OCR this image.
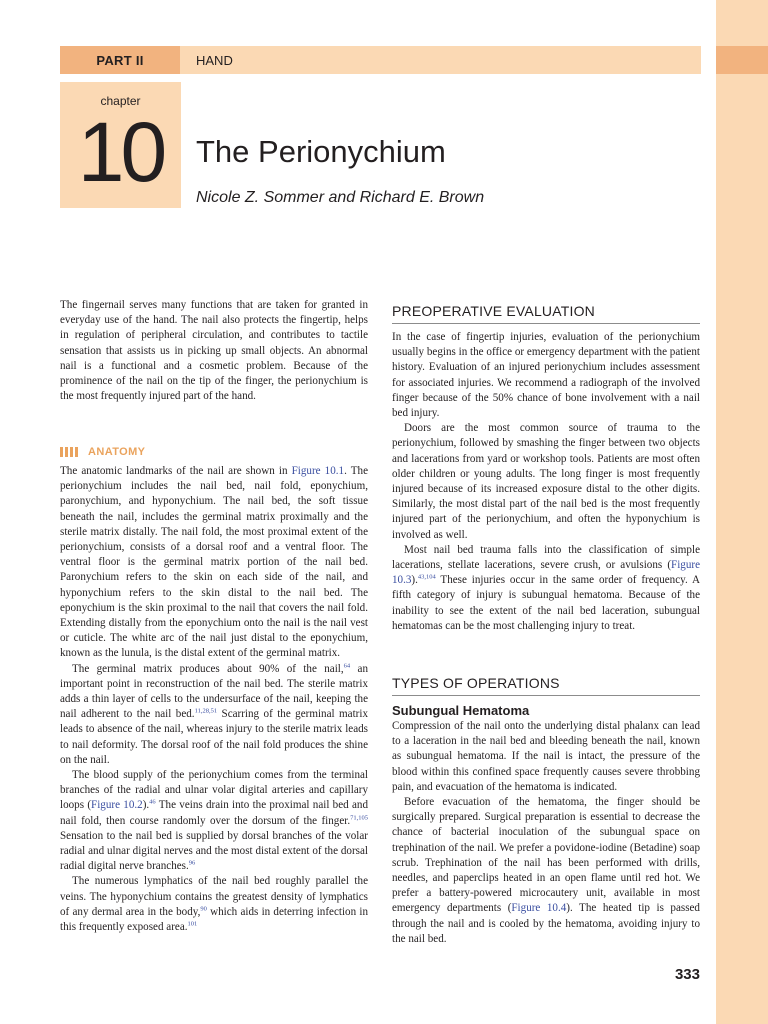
PART II	HAND
chapter
10	The Perionychium
Nicole Z. Sommer and Richard E. Brown

The fingernail serves many functions that are taken for granted in everyday use of the hand. The nail also protects the fingertip, helps in regulation of peripheral circulation, and contributes to tactile sensation that assists us in picking up small objects. An abnormal nail is a functional and a cosmetic problem. Because of the prominence of the nail on the tip of the finger, the perionychium is the most frequently injured part of the hand.

ANATOMY

The anatomic landmarks of the nail are shown in Figure 10.1. The perionychium includes the nail bed, nail fold, eponychium, paronychium, and hyponychium. The nail bed, the soft tissue beneath the nail, includes the germinal matrix proximally and the sterile matrix distally. The nail fold, the most proximal extent of the perionychium, consists of a dorsal roof and a ventral floor. The ventral floor is the germinal matrix portion of the nail bed. Paronychium refers to the skin on each side of the nail, and hyponychium refers to the skin distal to the nail bed. The eponychium is the skin proximal to the nail that covers the nail fold. Extending distally from the eponychium onto the nail is the nail vest or cuticle. The white arc of the nail just distal to the eponychium, known as the lunula, is the distal extent of the germinal matrix.

The germinal matrix produces about 90% of the nail,$^{64}$ an important point in reconstruction of the nail bed. The sterile matrix adds a thin layer of cells to the undersurface of the nail, keeping the nail adherent to the nail bed.$^{11,28,51}$ Scarring of the germinal matrix leads to absence of the nail, whereas injury to the sterile matrix leads to nail deformity. The dorsal roof of the nail fold produces the shine on the nail.

The blood supply of the perionychium comes from the terminal branches of the radial and ulnar volar digital arteries and capillary loops (Figure 10.2).$^{46}$ The veins drain into the proximal nail bed and nail fold, then course randomly over the dorsum of the finger.$^{71,105}$ Sensation to the nail bed is supplied by dorsal branches of the volar radial and ulnar digital nerves and the most distal extent of the dorsal radial digital nerve branches.$^{96}$

The numerous lymphatics of the nail bed roughly parallel the veins. The hyponychium contains the greatest density of lymphatics of any dermal area in the body,$^{90}$ which aids in deterring infection in this frequently exposed area.$^{101}$

PREOPERATIVE EVALUATION

In the case of fingertip injuries, evaluation of the perionychium usually begins in the office or emergency department with the patient history. Evaluation of an injured perionychium includes assessment for associated injuries. We recommend a radiograph of the involved finger because of the 50% chance of bone involvement with a nail bed injury.

Doors are the most common source of trauma to the perionychium, followed by smashing the finger between two objects and lacerations from yard or workshop tools. Patients are most often older children or young adults. The long finger is most frequently injured because of its increased exposure distal to the other digits. Similarly, the most distal part of the nail bed is the most frequently injured part of the perionychium, and often the hyponychium is involved as well.

Most nail bed trauma falls into the classification of simple lacerations, stellate lacerations, severe crush, or avulsions (Figure 10.3).$^{43,104}$ These injuries occur in the same order of frequency. A fifth category of injury is subungual hematoma. Because of the inability to see the extent of the nail bed laceration, subungual hematomas can be the most challenging injury to treat.

TYPES OF OPERATIONS
Subungual Hematoma

Compression of the nail onto the underlying distal phalanx can lead to a laceration in the nail bed and bleeding beneath the nail, known as subungual hematoma. If the nail is intact, the pressure of the blood within this confined space frequently causes severe throbbing pain, and evacuation of the hematoma is indicated.

Before evacuation of the hematoma, the finger should be surgically prepared. Surgical preparation is essential to decrease the chance of bacterial inoculation of the subungual space on trephination of the nail. We prefer a povidone-iodine (Betadine) soap scrub. Trephination of the nail has been performed with drills, needles, and paperclips heated in an open flame until red hot. We prefer a battery-powered microcautery unit, available in most emergency departments (Figure 10.4). The heated tip is passed through the nail and is cooled by the hematoma, avoiding injury to the nail bed.

333
